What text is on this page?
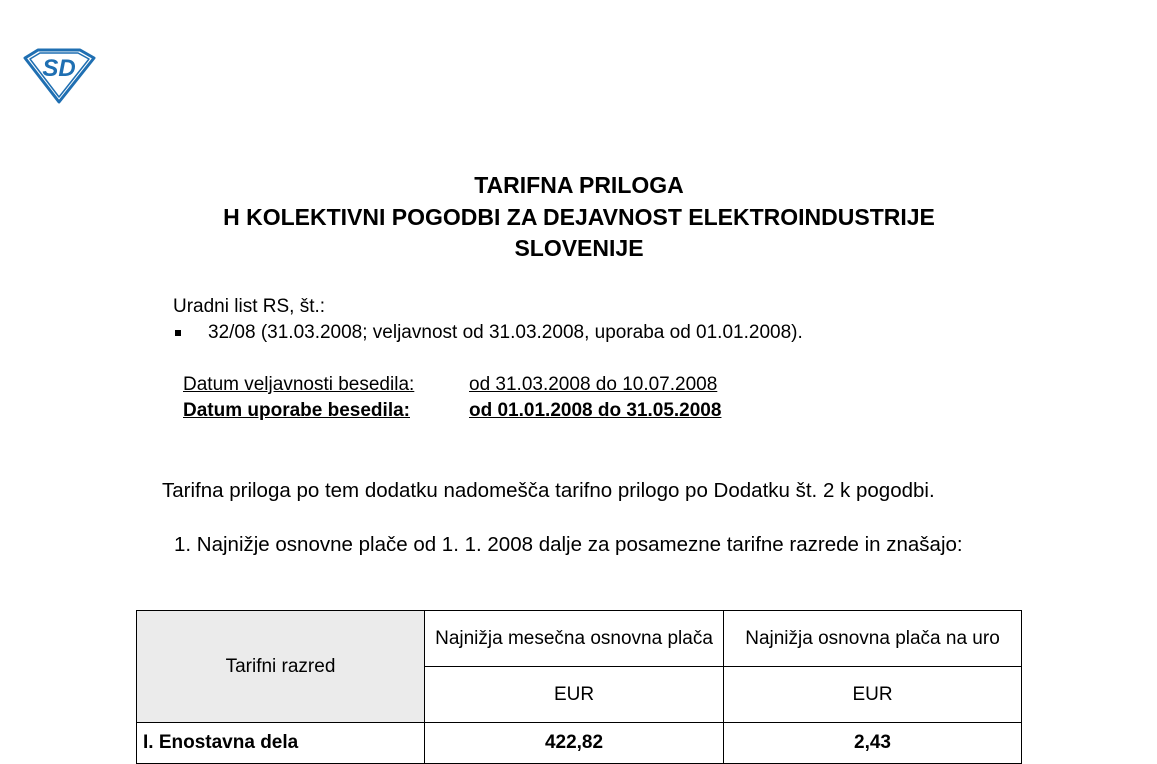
SD
TARIFNA PRILOGA
H KOLEKTIVNI POGODBI ZA DEJAVNOST ELEKTROINDUSTRIJE
SLOVENIJE
Uradni list RS, št.:
32/08 (31.03.2008; veljavnost od 31.03.2008, uporaba od 01.01.2008).
Datum veljavnosti besedila:	od 31.03.2008 do 10.07.2008
Datum uporabe besedila:	od 01.01.2008 do 31.05.2008
Tarifna priloga po tem dodatku nadomešča tarifno prilogo po Dodatku št. 2 k pogodbi.
1. Najnižje osnovne plače od 1. 1. 2008 dalje za posamezne tarifne razrede in znašajo:
Tarifni razred	Najnižja mesečna osnovna plača	Najnižja osnovna plača na uro
	EUR	EUR
I. Enostavna dela	422,82	2,43
